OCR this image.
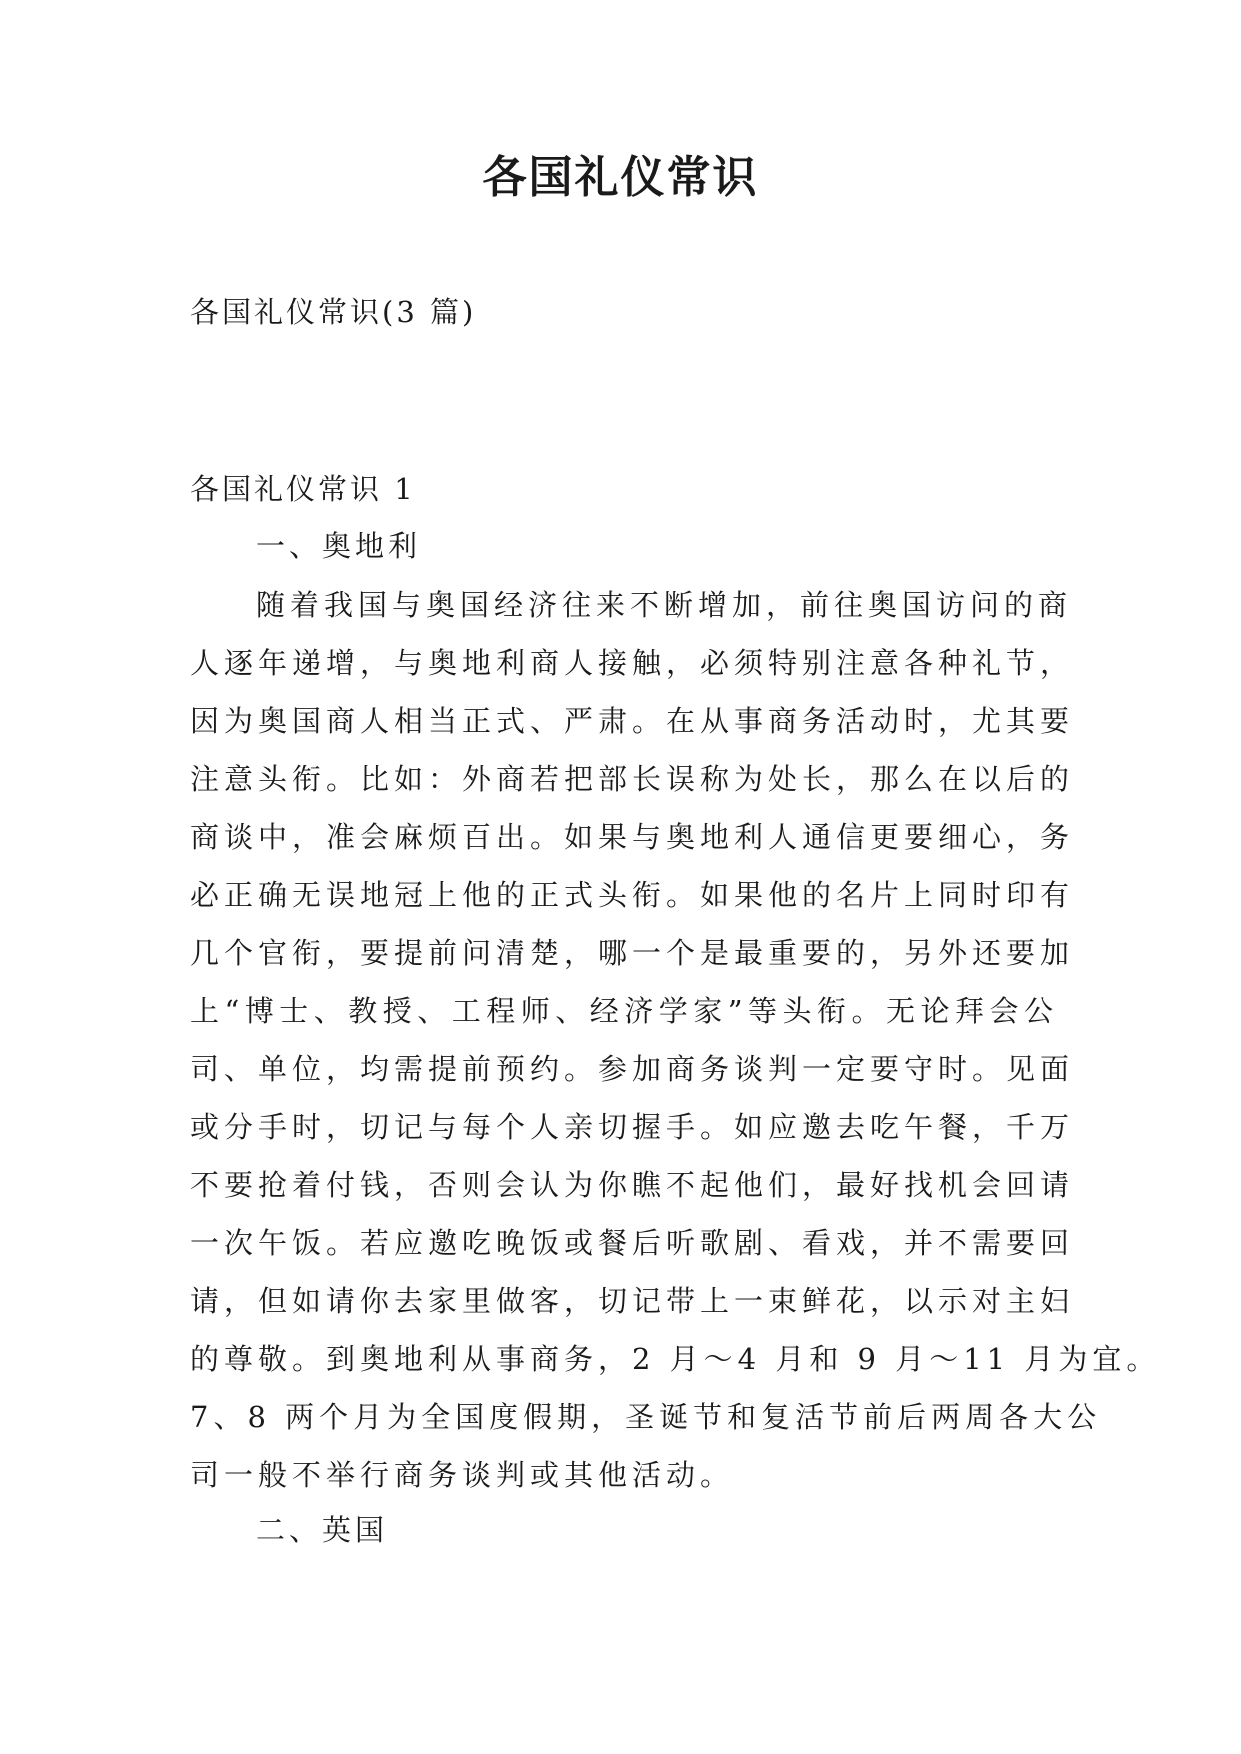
各国礼仪常识

各国礼仪常识(3 篇)

各国礼仪常识 1

一、奥地利

随着我国与奥国经济往来不断增加，前往奥国访问的商
人逐年递增，与奥地利商人接触，必须特别注意各种礼节，
因为奥国商人相当正式、严肃。在从事商务活动时，尤其要
注意头衔。比如：外商若把部长误称为处长，那么在以后的
商谈中，准会麻烦百出。如果与奥地利人通信更要细心，务
必正确无误地冠上他的正式头衔。如果他的名片上同时印有
几个官衔，要提前问清楚，哪一个是最重要的，另外还要加
上“博士、教授、工程师、经济学家”等头衔。无论拜会公
司、单位，均需提前预约。参加商务谈判一定要守时。见面
或分手时，切记与每个人亲切握手。如应邀去吃午餐，千万
不要抢着付钱，否则会认为你瞧不起他们，最好找机会回请
一次午饭。若应邀吃晚饭或餐后听歌剧、看戏，并不需要回
请，但如请你去家里做客，切记带上一束鲜花，以示对主妇
的尊敬。到奥地利从事商务，2 月～4 月和 9 月～11 月为宜。
7、8 两个月为全国度假期，圣诞节和复活节前后两周各大公
司一般不举行商务谈判或其他活动。

二、英国
